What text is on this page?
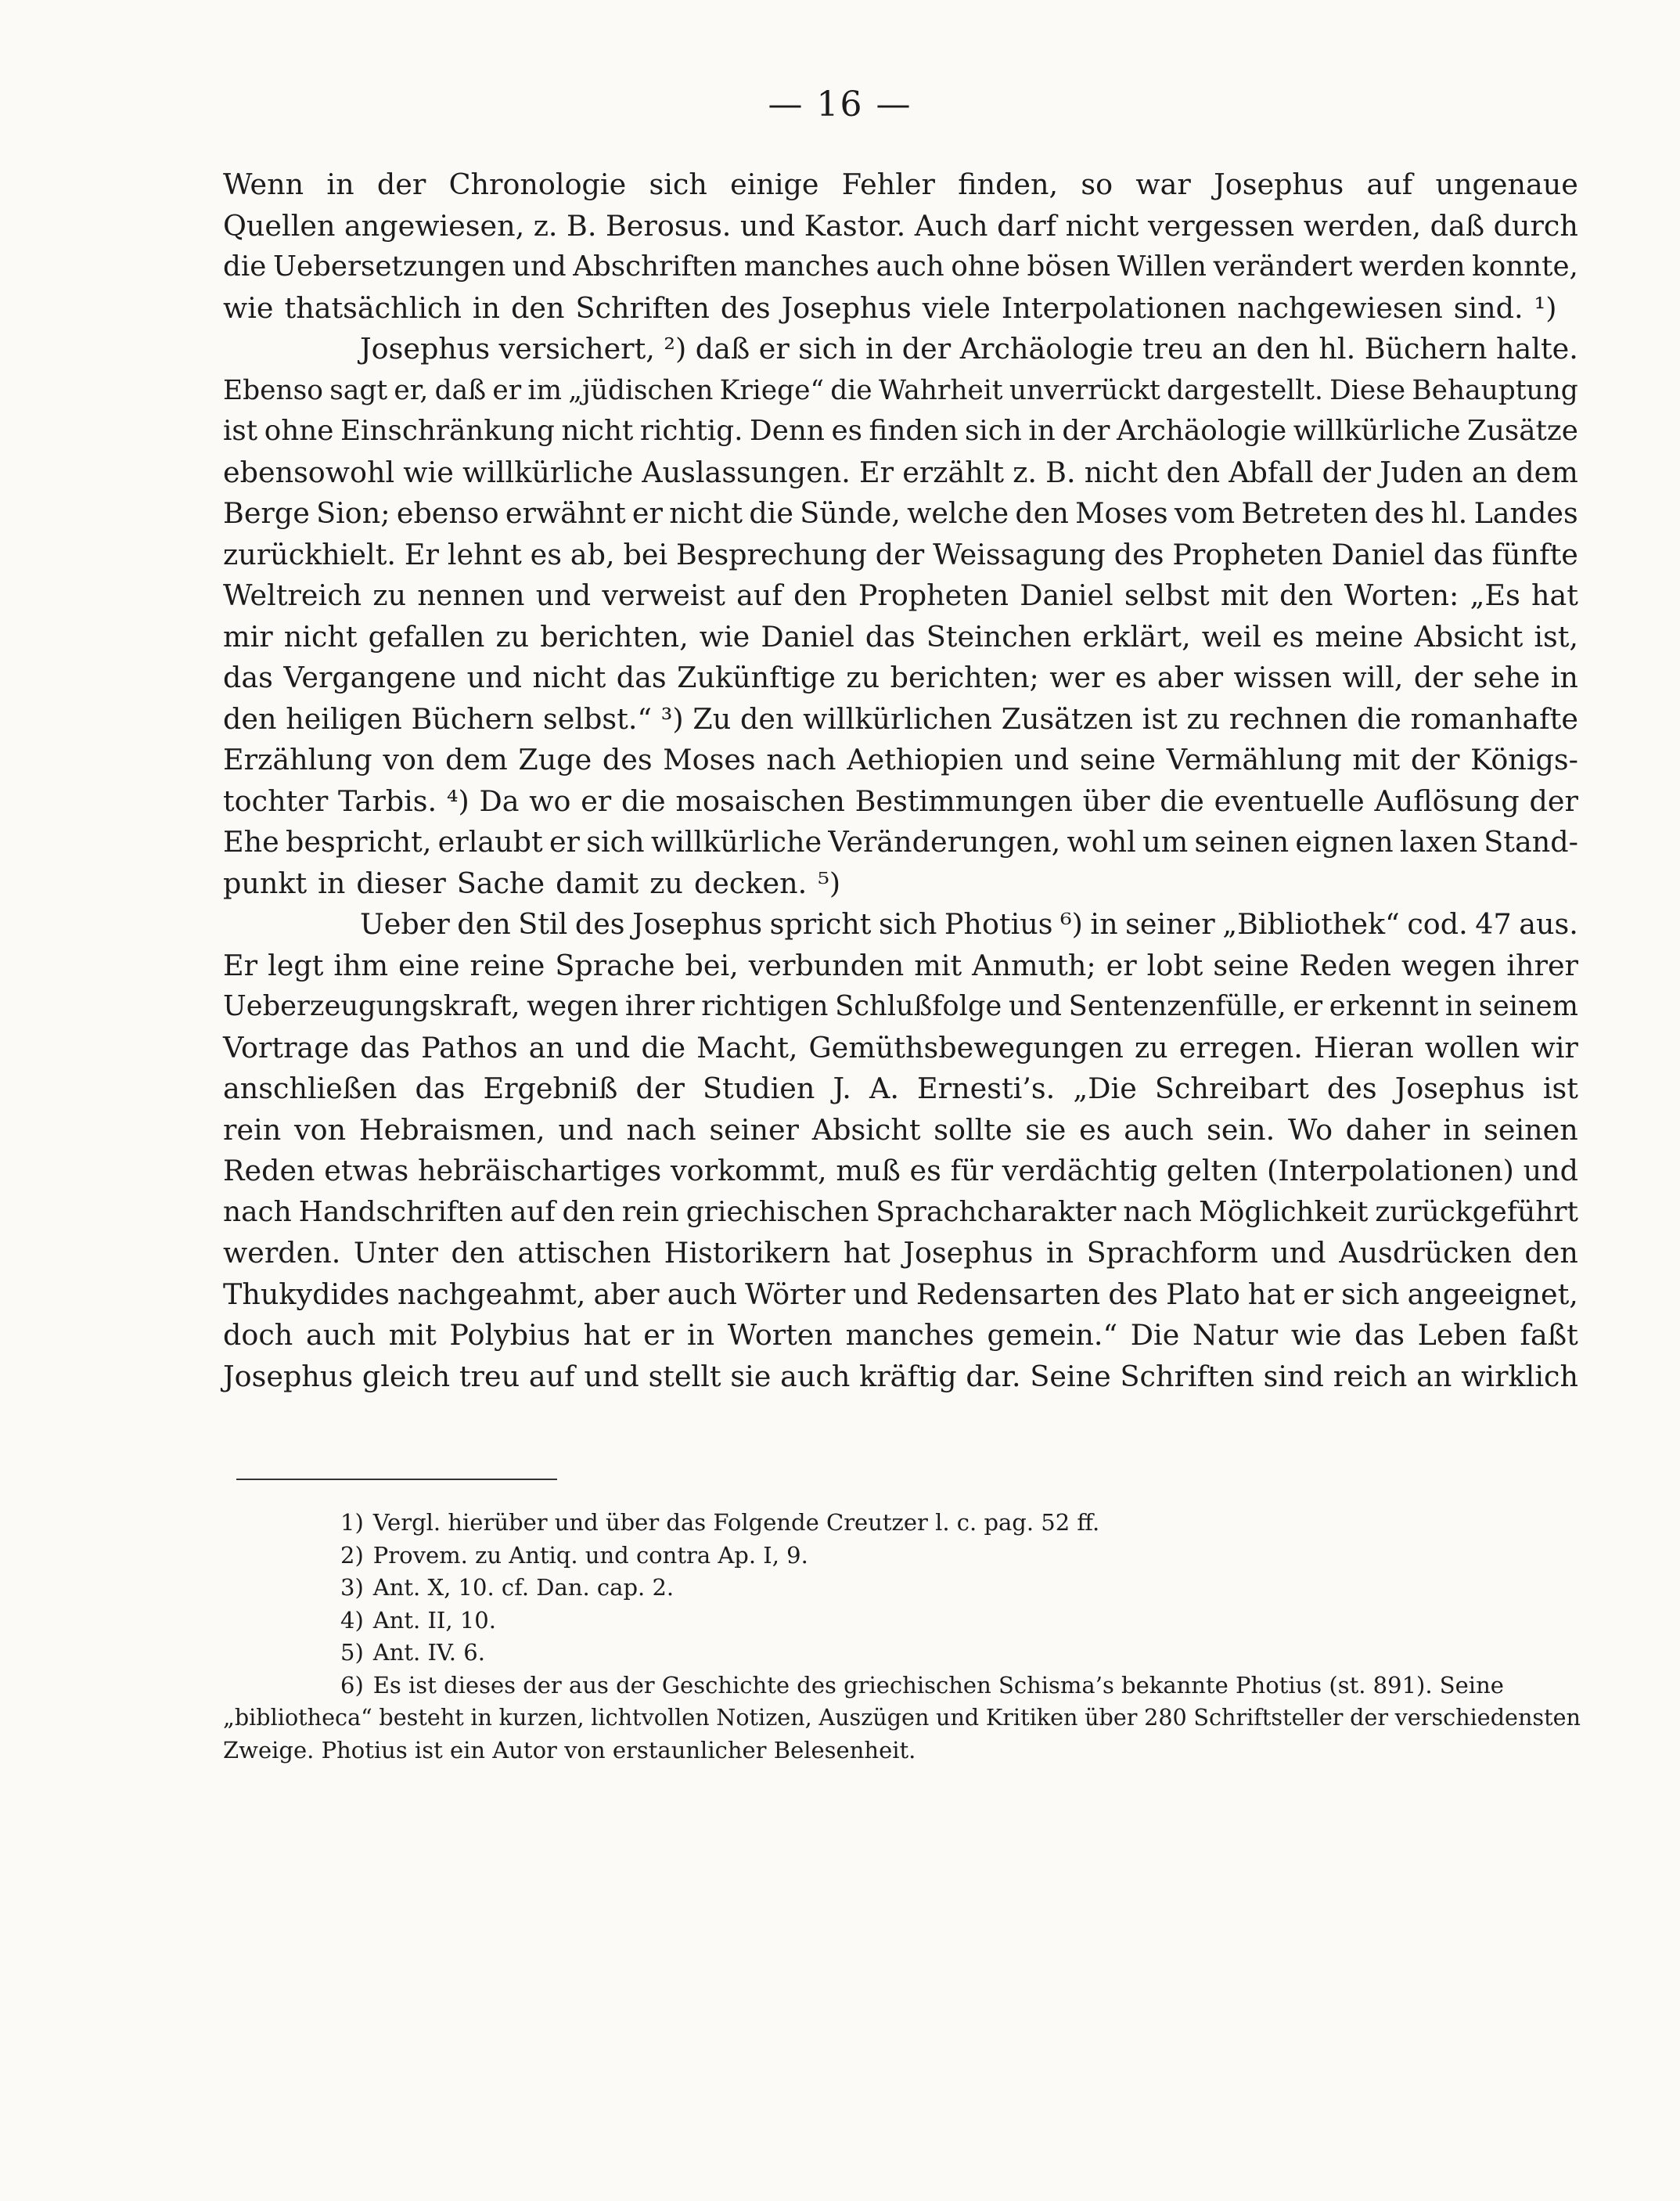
— 16 —
Wenn in der Chronologie sich einige Fehler finden, so war Josephus auf ungenaue
Quellen angewiesen, z. B. Berosus. und Kastor. Auch darf nicht vergessen werden, daß durch
die Uebersetzungen und Abschriften manches auch ohne bösen Willen verändert werden konnte,
wie thatsächlich in den Schriften des Josephus viele Interpolationen nachgewiesen sind. ¹)
Josephus versichert, ²) daß er sich in der Archäologie treu an den hl. Büchern halte.
Ebenso sagt er, daß er im „jüdischen Kriege“ die Wahrheit unverrückt dargestellt. Diese Behauptung
ist ohne Einschränkung nicht richtig. Denn es finden sich in der Archäologie willkürliche Zusätze
ebensowohl wie willkürliche Auslassungen. Er erzählt z. B. nicht den Abfall der Juden an dem
Berge Sion; ebenso erwähnt er nicht die Sünde, welche den Moses vom Betreten des hl. Landes
zurückhielt. Er lehnt es ab, bei Besprechung der Weissagung des Propheten Daniel das fünfte
Weltreich zu nennen und verweist auf den Propheten Daniel selbst mit den Worten: „Es hat
mir nicht gefallen zu berichten, wie Daniel das Steinchen erklärt, weil es meine Absicht ist,
das Vergangene und nicht das Zukünftige zu berichten; wer es aber wissen will, der sehe in
den heiligen Büchern selbst.“ ³) Zu den willkürlichen Zusätzen ist zu rechnen die romanhafte
Erzählung von dem Zuge des Moses nach Aethiopien und seine Vermählung mit der Königs-
tochter Tarbis. ⁴) Da wo er die mosaischen Bestimmungen über die eventuelle Auflösung der
Ehe bespricht, erlaubt er sich willkürliche Veränderungen, wohl um seinen eignen laxen Stand-
punkt in dieser Sache damit zu decken. ⁵)
Ueber den Stil des Josephus spricht sich Photius ⁶) in seiner „Bibliothek“ cod. 47 aus.
Er legt ihm eine reine Sprache bei, verbunden mit Anmuth; er lobt seine Reden wegen ihrer
Ueberzeugungskraft, wegen ihrer richtigen Schlußfolge und Sentenzenfülle, er erkennt in seinem
Vortrage das Pathos an und die Macht, Gemüthsbewegungen zu erregen. Hieran wollen wir
anschließen das Ergebniß der Studien J. A. Ernesti’s. „Die Schreibart des Josephus ist
rein von Hebraismen, und nach seiner Absicht sollte sie es auch sein. Wo daher in seinen
Reden etwas hebräischartiges vorkommt, muß es für verdächtig gelten (Interpolationen) und
nach Handschriften auf den rein griechischen Sprachcharakter nach Möglichkeit zurückgeführt
werden. Unter den attischen Historikern hat Josephus in Sprachform und Ausdrücken den
Thukydides nachgeahmt, aber auch Wörter und Redensarten des Plato hat er sich angeeignet,
doch auch mit Polybius hat er in Worten manches gemein.“ Die Natur wie das Leben faßt
Josephus gleich treu auf und stellt sie auch kräftig dar. Seine Schriften sind reich an wirklich
1) Vergl. hierüber und über das Folgende Creutzer l. c. pag. 52 ff.
2) Provem. zu Antiq. und contra Ap. I, 9.
3) Ant. X, 10. cf. Dan. cap. 2.
4) Ant. II, 10.
5) Ant. IV. 6.
6) Es ist dieses der aus der Geschichte des griechischen Schisma’s bekannte Photius (st. 891). Seine
„bibliotheca“ besteht in kurzen, lichtvollen Notizen, Auszügen und Kritiken über 280 Schriftsteller der verschiedensten
Zweige. Photius ist ein Autor von erstaunlicher Belesenheit.
